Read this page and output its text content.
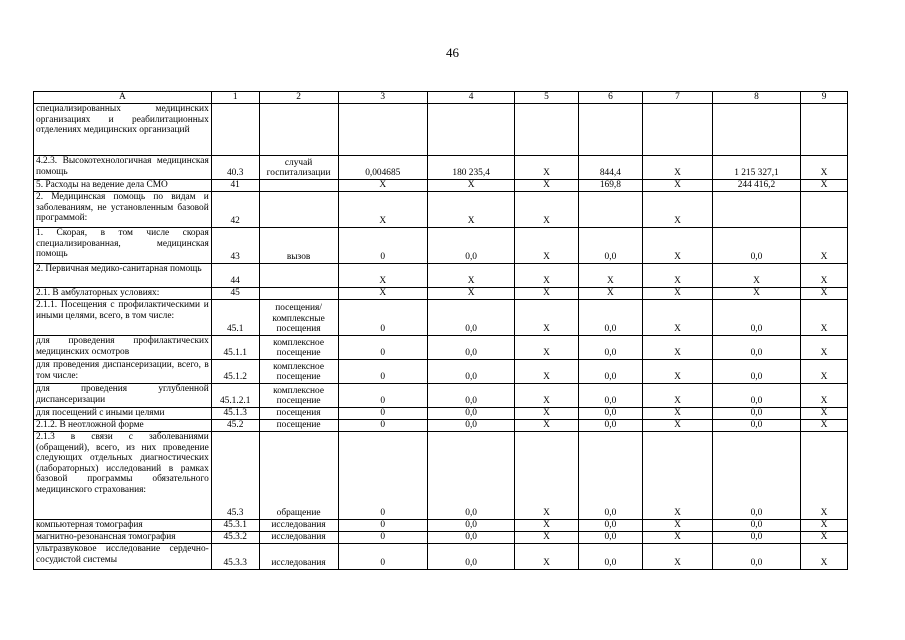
46
А	1	2	3	4	5	6	7	8	9
специализированных медицинских организациях и реабилитационных отделениях медицинских организаций									
4.2.3. Высокотехнологичная медицинская помощь	40.3	случай госпитализации	0,004685	180 235,4	X	844,4	X	1 215 327,1	X
5. Расходы на ведение дела СМО	41		X	X	X	169,8	X	244 416,2	X
2. Медицинская помощь по видам и заболеваниям, не установленным базовой программой:	42		X	X	X		X		
1. Скорая, в том числе скорая специализированная, медицинская помощь	43	вызов	0	0,0	X	0,0	X	0,0	X
2. Первичная медико-санитарная помощь	44		X	X	X	X	X	X	X
2.1. В амбулаторных условиях:	45		X	X	X	X	X	X	X
2.1.1. Посещения с профилактическими и иными целями, всего, в том числе:	45.1	посещения/ комплексные посещения	0	0,0	X	0,0	X	0,0	X
для проведения профилактических медицинских осмотров	45.1.1	комплексное посещение	0	0,0	X	0,0	X	0,0	X
для проведения диспансеризации, всего, в том числе:	45.1.2	комплексное посещение	0	0,0	X	0,0	X	0,0	X
для проведения углубленной диспансеризации	45.1.2.1	комплексное посещение	0	0,0	X	0,0	X	0,0	X
для посещений с иными целями	45.1.3	посещения	0	0,0	X	0,0	X	0,0	X
2.1.2. В неотложной форме	45.2	посещение	0	0,0	X	0,0	X	0,0	X
2.1.3 в связи с заболеваниями (обращений), всего, из них проведение следующих отдельных диагностических (лабораторных) исследований в рамках базовой программы обязательного медицинского страхования:	45.3	обращение	0	0,0	X	0,0	X	0,0	X
компьютерная томография	45.3.1	исследования	0	0,0	X	0,0	X	0,0	X
магнитно-резонансная томография	45.3.2	исследования	0	0,0	X	0,0	X	0,0	X
ультразвуковое исследование сердечно-сосудистой системы	45.3.3	исследования	0	0,0	X	0,0	X	0,0	X
